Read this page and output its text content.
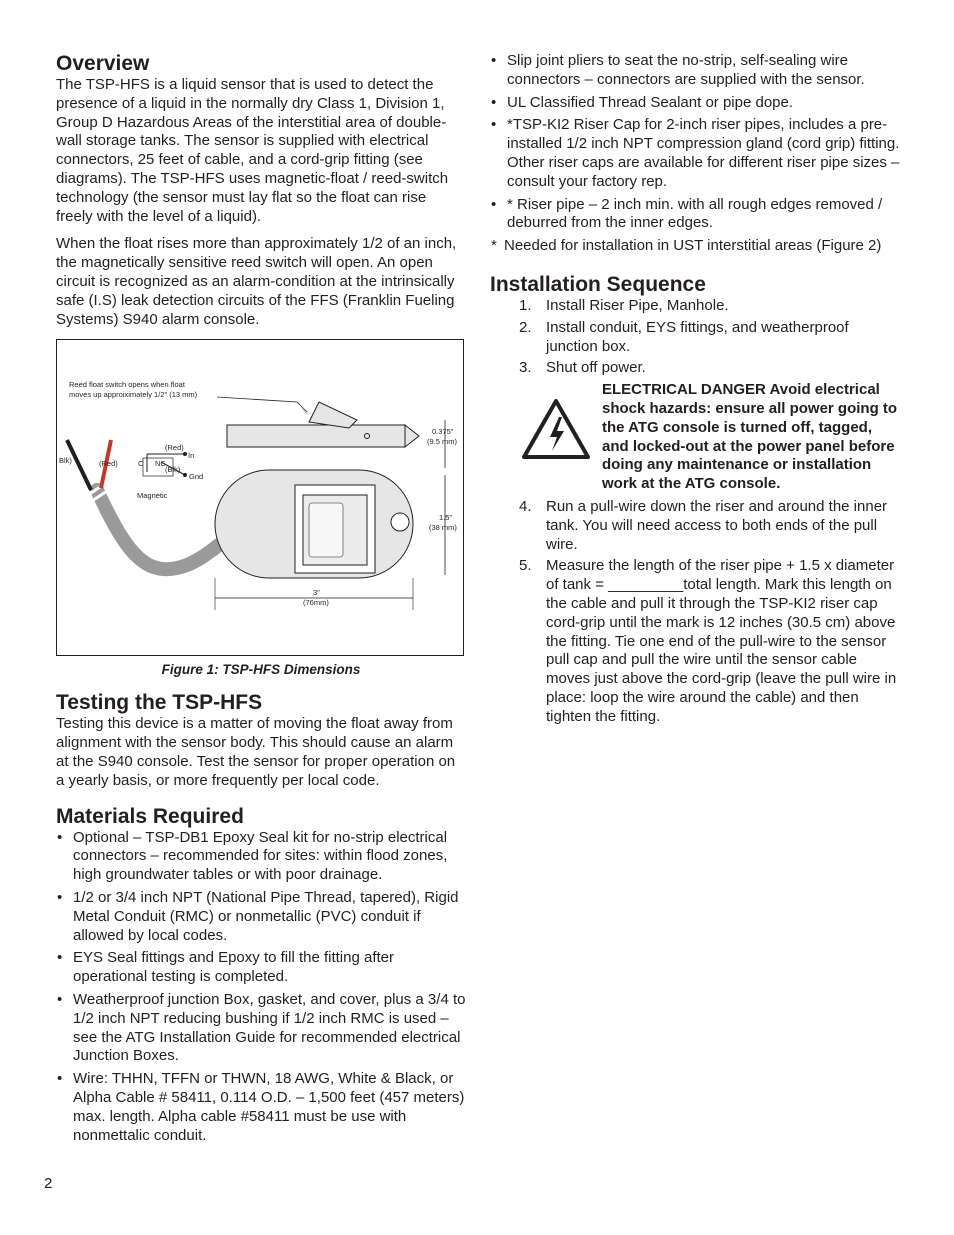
Overview

The TSP-HFS is a liquid sensor that is used to detect the presence of a liquid in the normally dry Class 1, Division 1, Group D Hazardous Areas of the interstitial area of double-wall storage tanks. The sensor is supplied with electrical connectors, 25 feet of cable, and a cord-grip fitting (see diagrams). The TSP-HFS uses magnetic-float / reed-switch technology (the sensor must lay flat so the float can rise freely with the level of a liquid).

When the float rises more than approximately 1/2 of an inch, the magnetically sensitive reed switch will open. An open circuit is recognized as an alarm-condition at the intrinsically safe (I.S) leak detection circuits of the FFS (Franklin Fueling Systems) S940 alarm console.

Reed float switch opens when float
moves up approiximately 1/2" (13 mm)
0.375"
(9.5 mm)
1.5"
(38 mm)
3"
(76mm)
Blk)	(Red)
(Red)
In
C NC
(Blk)
Gnd
Magnetic
Figure 1: TSP-HFS Dimensions
Testing the TSP-HFS

Testing this device is a matter of moving the float away from alignment with the sensor body. This should cause an alarm at the S940 console. Test the sensor for proper operation on a yearly basis, or more frequently per local code.

Materials Required
• Optional – TSP-DB1 Epoxy Seal kit for no-strip electrical connectors – recommended for sites: within flood zones, high groundwater tables or with poor drainage.
• 1/2 or 3/4 inch NPT (National Pipe Thread, tapered), Rigid Metal Conduit (RMC) or nonmetallic (PVC) conduit if allowed by local codes.
• EYS Seal fittings and Epoxy to fill the fitting after operational testing is completed.
• Weatherproof junction Box, gasket, and cover, plus a 3/4 to 1/2 inch NPT reducing bushing if 1/2 inch RMC is used – see the ATG Installation Guide for recommended electrical Junction Boxes.
• Wire: THHN, TFFN or THWN, 18 AWG, White & Black, or Alpha Cable # 58411, 0.114 O.D. – 1,500 feet (457 meters) max. length. Alpha cable #58411 must be use with nonmettalic conduit.
• Slip joint pliers to seat the no-strip, self-sealing wire connectors – connectors are supplied with the sensor.
• UL Classified Thread Sealant or pipe dope.
• *TSP-KI2 Riser Cap for 2-inch riser pipes, includes a pre-installed 1/2 inch NPT compression gland (cord grip) fitting. Other riser caps are available for different riser pipe sizes – consult your factory rep.
• * Riser pipe – 2 inch min. with all rough edges removed / deburred from the inner edges.
* Needed for installation in UST interstitial areas (Figure 2)
Installation Sequence
1. Install Riser Pipe, Manhole.
2. Install conduit, EYS fittings, and weatherproof junction box.
3. Shut off power.
ELECTRICAL DANGER Avoid electrical shock hazards: ensure all power going to the ATG console is turned off, tagged, and locked-out at the power panel before doing any maintenance or installation work at the ATG console.
4. Run a pull-wire down the riser and around the inner tank. You will need access to both ends of the pull wire.
5. Measure the length of the riser pipe + 1.5 x diameter of tank = _________total length. Mark this length on the cable and pull it through the TSP-KI2 riser cap cord-grip until the mark is 12 inches (30.5 cm) above the fitting. Tie one end of the pull-wire to the sensor pull cap and pull the wire until the sensor cable moves just above the cord-grip (leave the pull wire in place: loop the wire around the cable) and then tighten the fitting.
2
